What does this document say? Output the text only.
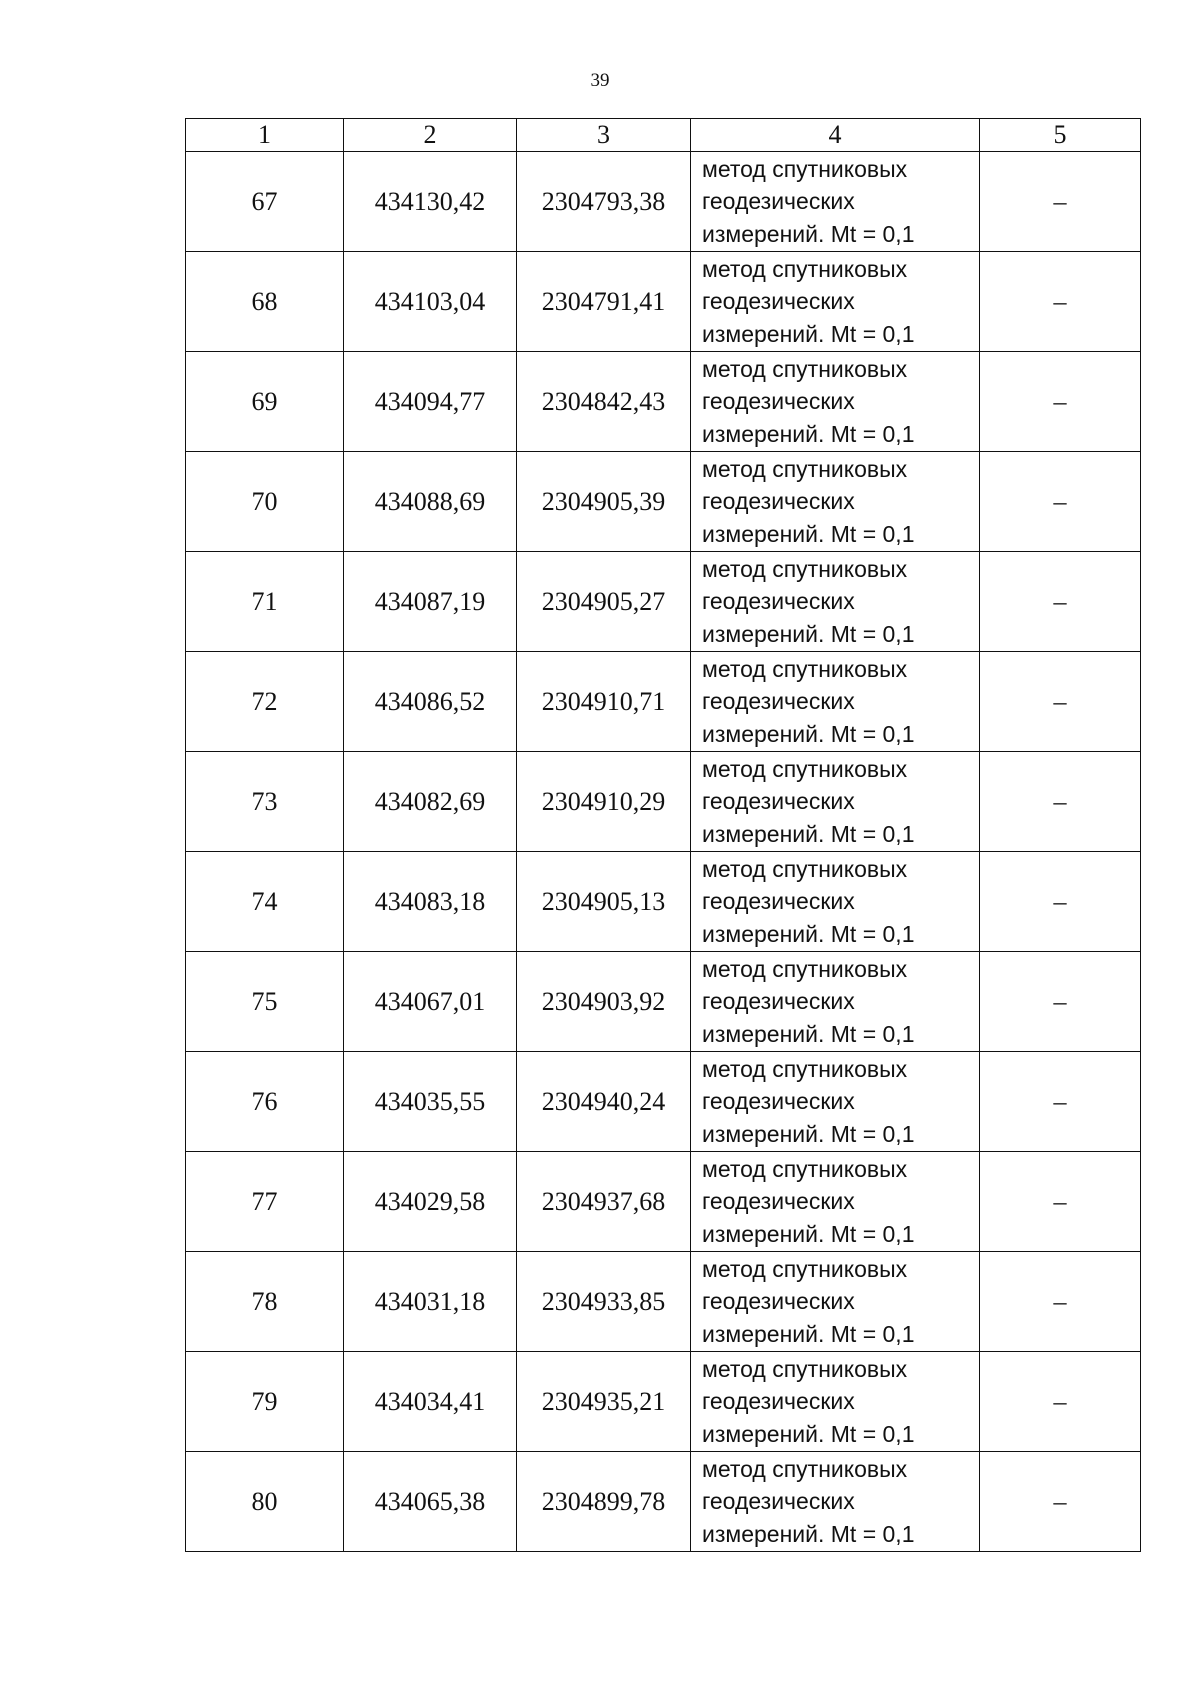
39
1	2	3	4	5
67	434130,42	2304793,38	метод спутниковых
геодезических
измерений. Mt = 0,1	–
68	434103,04	2304791,41	метод спутниковых
геодезических
измерений. Mt = 0,1	–
69	434094,77	2304842,43	метод спутниковых
геодезических
измерений. Mt = 0,1	–
70	434088,69	2304905,39	метод спутниковых
геодезических
измерений. Mt = 0,1	–
71	434087,19	2304905,27	метод спутниковых
геодезических
измерений. Mt = 0,1	–
72	434086,52	2304910,71	метод спутниковых
геодезических
измерений. Mt = 0,1	–
73	434082,69	2304910,29	метод спутниковых
геодезических
измерений. Mt = 0,1	–
74	434083,18	2304905,13	метод спутниковых
геодезических
измерений. Mt = 0,1	–
75	434067,01	2304903,92	метод спутниковых
геодезических
измерений. Mt = 0,1	–
76	434035,55	2304940,24	метод спутниковых
геодезических
измерений. Mt = 0,1	–
77	434029,58	2304937,68	метод спутниковых
геодезических
измерений. Mt = 0,1	–
78	434031,18	2304933,85	метод спутниковых
геодезических
измерений. Mt = 0,1	–
79	434034,41	2304935,21	метод спутниковых
геодезических
измерений. Mt = 0,1	–
80	434065,38	2304899,78	метод спутниковых
геодезических
измерений. Mt = 0,1	–
